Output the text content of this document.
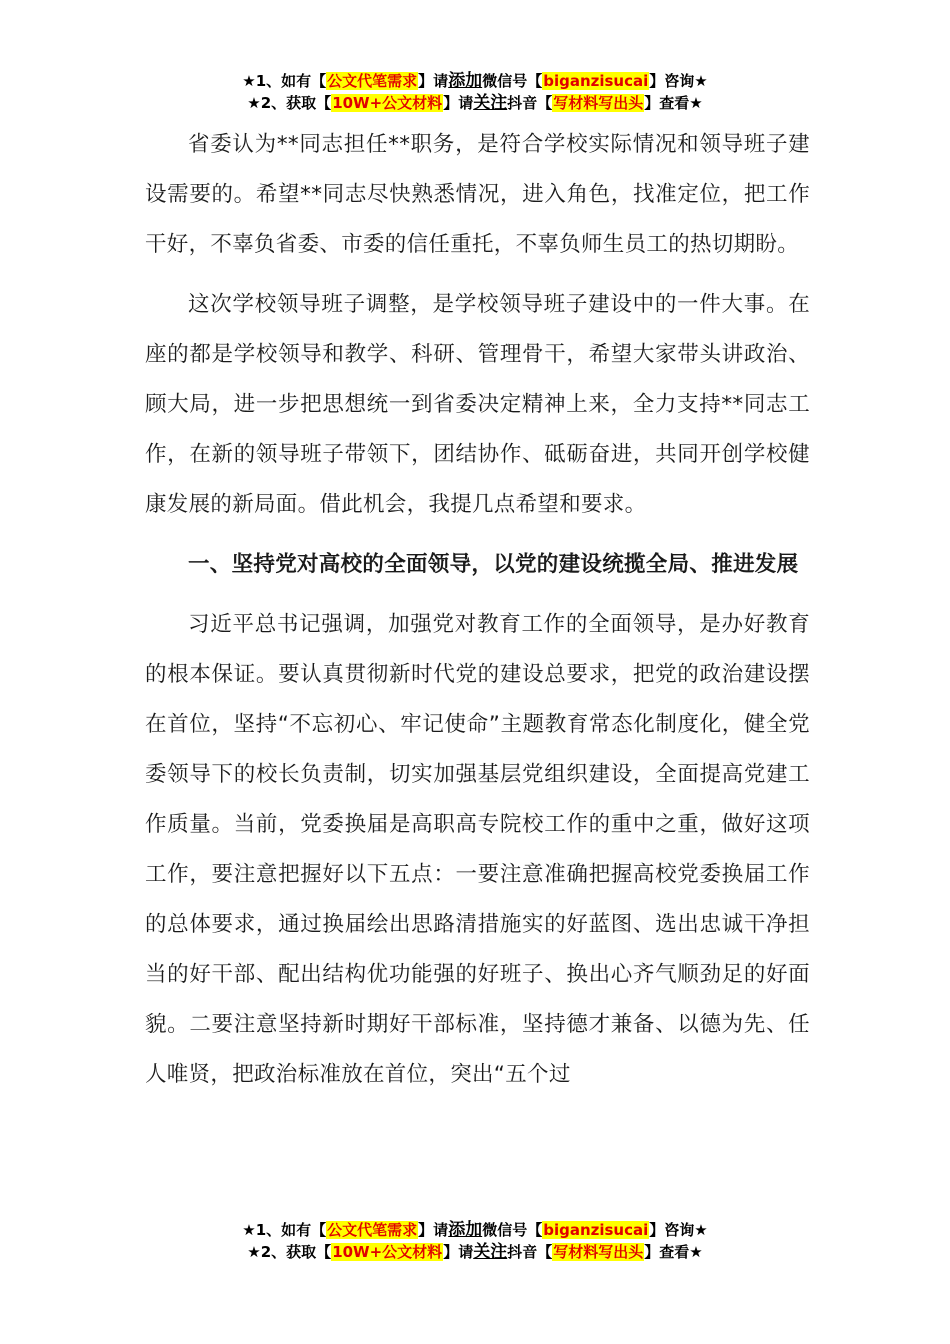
★1、如有【公文代笔需求】请添加微信号【biganzisucai】咨询★
★2、获取【10W+公文材料】请关注抖音【写材料写出头】查看★

省委认为**同志担任**职务，是符合学校实际情况和领导班子建设需要的。希望**同志尽快熟悉情况，进入角色，找准定位，把工作干好，不辜负省委、市委的信任重托，不辜负师生员工的热切期盼。

这次学校领导班子调整，是学校领导班子建设中的一件大事。在座的都是学校领导和教学、科研、管理骨干，希望大家带头讲政治、顾大局，进一步把思想统一到省委决定精神上来，全力支持**同志工作，在新的领导班子带领下，团结协作、砥砺奋进，共同开创学校健康发展的新局面。借此机会，我提几点希望和要求。

一、坚持党对高校的全面领导，以党的建设统揽全局、推进发展

习近平总书记强调，加强党对教育工作的全面领导，是办好教育的根本保证。要认真贯彻新时代党的建设总要求，把党的政治建设摆在首位，坚持“不忘初心、牢记使命”主题教育常态化制度化，健全党委领导下的校长负责制，切实加强基层党组织建设，全面提高党建工作质量。当前，党委换届是高职高专院校工作的重中之重，做好这项工作，要注意把握好以下五点：一要注意准确把握高校党委换届工作的总体要求，通过换届绘出思路清措施实的好蓝图、选出忠诚干净担当的好干部、配出结构优功能强的好班子、换出心齐气顺劲足的好面貌。二要注意坚持新时期好干部标准，坚持德才兼备、以德为先、任人唯贤，把政治标准放在首位，突出“五个过

★1、如有【公文代笔需求】请添加微信号【biganzisucai】咨询★
★2、获取【10W+公文材料】请关注抖音【写材料写出头】查看★
